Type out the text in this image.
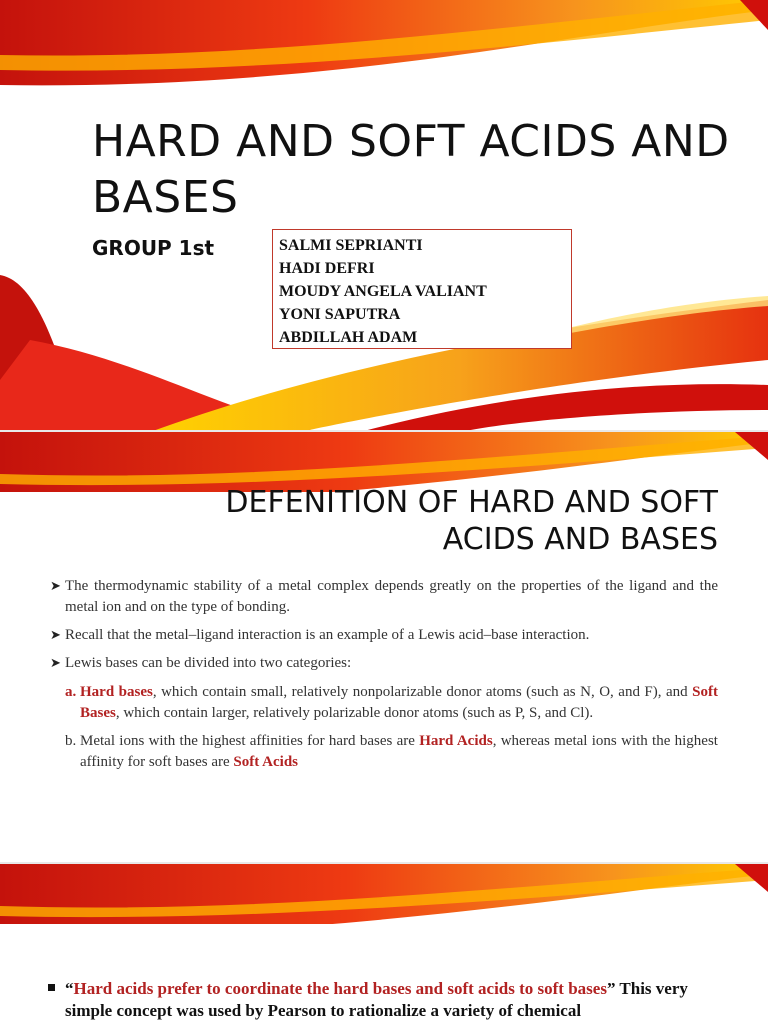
HARD AND SOFT ACIDS AND BASES
GROUP 1st	SALMI SEPRIANTI
HADI DEFRI
MOUDY ANGELA VALIANT
YONI SAPUTRA
ABDILLAH ADAM
DEFENITION OF HARD AND SOFT ACIDS AND BASES
➤ The thermodynamic stability of a metal complex depends greatly on the properties of the ligand and the metal ion and on the type of bonding.
➤ Recall that the metal–ligand interaction is an example of a Lewis acid–base interaction.
➤ Lewis bases can be divided into two categories:
a. Hard bases, which contain small, relatively nonpolarizable donor atoms (such as N, O, and F), and Soft Bases, which contain larger, relatively polarizable donor atoms (such as P, S, and Cl).
b. Metal ions with the highest affinities for hard bases are Hard Acids, whereas metal ions with the highest affinity for soft bases are Soft Acids
“Hard acids prefer to coordinate the hard bases and soft acids to soft bases” This very simple concept was used by Pearson to rationalize a variety of chemical
